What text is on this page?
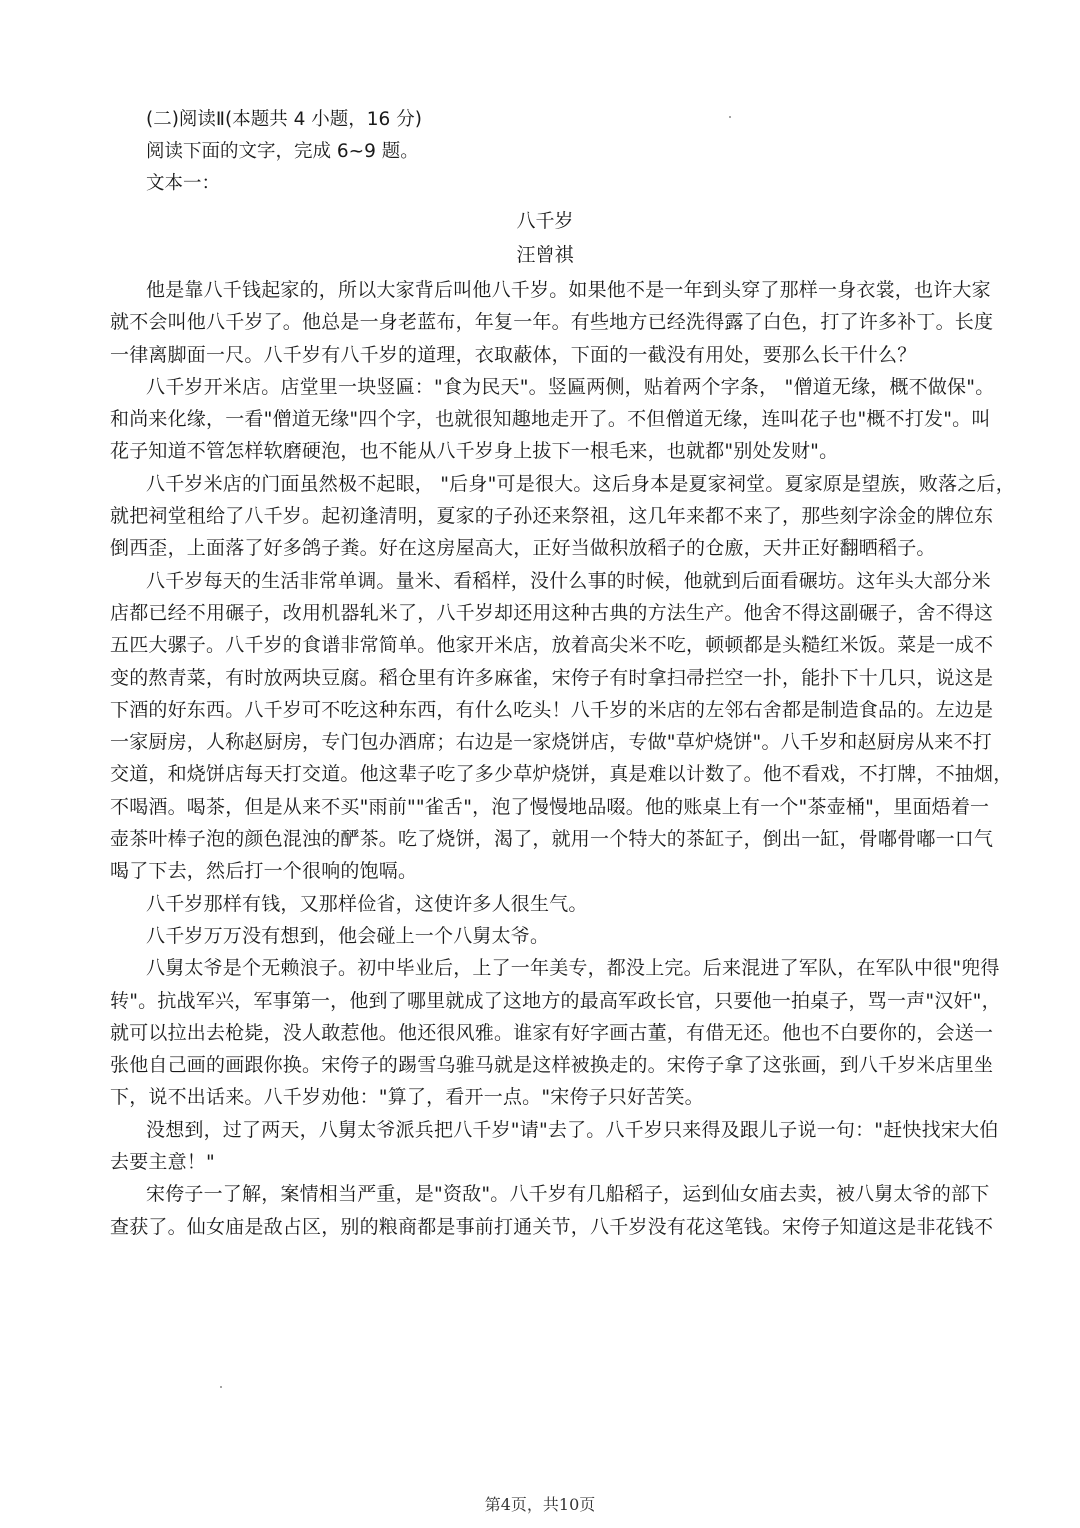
(二)阅读Ⅱ(本题共 4 小题，16 分)
阅读下面的文字，完成 6~9 题。
文本一：
八千岁
汪曾祺
他是靠八千钱起家的，所以大家背后叫他八千岁。如果他不是一年到头穿了那样一身衣裳，也许大家
就不会叫他八千岁了。他总是一身老蓝布，年复一年。有些地方已经洗得露了白色，打了许多补丁。长度
一律离脚面一尺。八千岁有八千岁的道理，衣取蔽体，下面的一截没有用处，要那么长干什么？
八千岁开米店。店堂里一块竖匾："食为民天"。竖匾两侧，贴着两个字条， "僧道无缘，概不做保"。
和尚来化缘，一看"僧道无缘"四个字，也就很知趣地走开了。不但僧道无缘，连叫花子也"概不打发"。叫
花子知道不管怎样软磨硬泡，也不能从八千岁身上拔下一根毛来，也就都"别处发财"。
八千岁米店的门面虽然极不起眼， "后身"可是很大。这后身本是夏家祠堂。夏家原是望族，败落之后，
就把祠堂租给了八千岁。起初逢清明，夏家的子孙还来祭祖，这几年来都不来了，那些刻字涂金的牌位东
倒西歪，上面落了好多鸽子粪。好在这房屋高大，正好当做积放稻子的仓廒，天井正好翻晒稻子。
八千岁每天的生活非常单调。量米、看稻样，没什么事的时候，他就到后面看碾坊。这年头大部分米
店都已经不用碾子，改用机器轧米了，八千岁却还用这种古典的方法生产。他舍不得这副碾子，舍不得这
五匹大骡子。八千岁的食谱非常简单。他家开米店，放着高尖米不吃，顿顿都是头糙红米饭。菜是一成不
变的熬青菜，有时放两块豆腐。稻仓里有许多麻雀，宋侉子有时拿扫帚拦空一扑，能扑下十几只，说这是
下酒的好东西。八千岁可不吃这种东西，有什么吃头！八千岁的米店的左邻右舍都是制造食品的。左边是
一家厨房，人称赵厨房，专门包办酒席；右边是一家烧饼店，专做"草炉烧饼"。八千岁和赵厨房从来不打
交道，和烧饼店每天打交道。他这辈子吃了多少草炉烧饼，真是难以计数了。他不看戏，不打牌，不抽烟，
不喝酒。喝茶，但是从来不买"雨前""雀舌"，泡了慢慢地品啜。他的账桌上有一个"茶壶桶"，里面焐着一
壶茶叶棒子泡的颜色混浊的酽茶。吃了烧饼，渴了，就用一个特大的茶缸子，倒出一缸，骨嘟骨嘟一口气
喝了下去，然后打一个很响的饱嗝。
八千岁那样有钱，又那样俭省，这使许多人很生气。
八千岁万万没有想到，他会碰上一个八舅太爷。
八舅太爷是个无赖浪子。初中毕业后，上了一年美专，都没上完。后来混进了军队，在军队中很"兜得
转"。抗战军兴，军事第一，他到了哪里就成了这地方的最高军政长官，只要他一拍桌子，骂一声"汉奸"，
就可以拉出去枪毙，没人敢惹他。他还很风雅。谁家有好字画古董，有借无还。他也不白要你的，会送一
张他自己画的画跟你换。宋侉子的踢雪乌骓马就是这样被换走的。宋侉子拿了这张画，到八千岁米店里坐
下，说不出话来。八千岁劝他："算了，看开一点。"宋侉子只好苦笑。
没想到，过了两天，八舅太爷派兵把八千岁"请"去了。八千岁只来得及跟儿子说一句："赶快找宋大伯
去要主意！"
宋侉子一了解，案情相当严重，是"资敌"。八千岁有几船稻子，运到仙女庙去卖，被八舅太爷的部下
查获了。仙女庙是敌占区，别的粮商都是事前打通关节，八千岁没有花这笔钱。宋侉子知道这是非花钱不
第4页，共10页
